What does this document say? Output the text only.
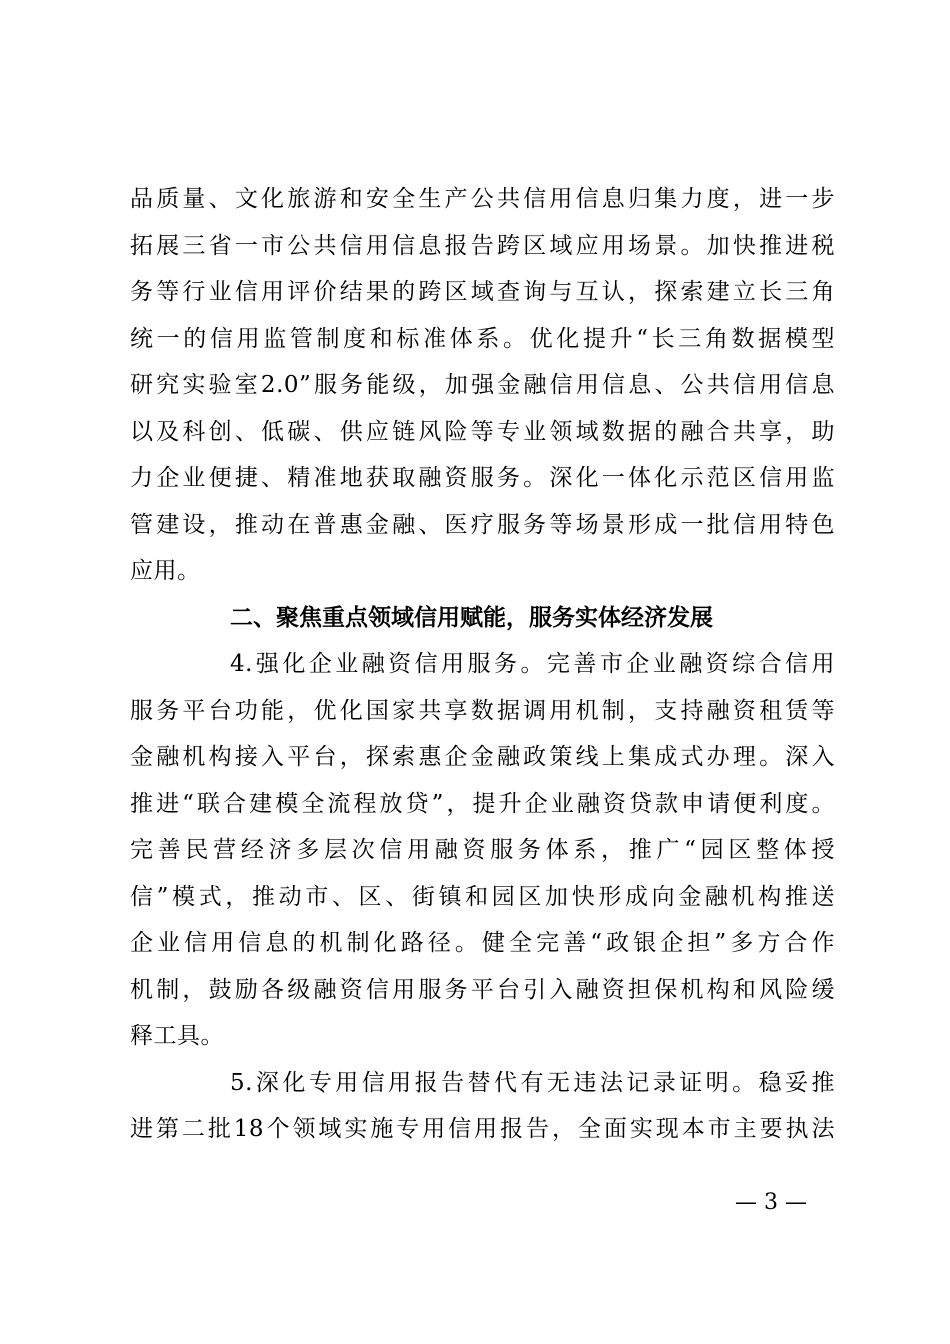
品质量、文化旅游和安全生产公共信用信息归集力度，进一步
拓展三省一市公共信用信息报告跨区域应用场景。加快推进税
务等行业信用评价结果的跨区域查询与互认，探索建立长三角
统一的信用监管制度和标准体系。优化提升“长三角数据模型
研究实验室2.0”服务能级，加强金融信用信息、公共信用信息
以及科创、低碳、供应链风险等专业领域数据的融合共享，助
力企业便捷、精准地获取融资服务。深化一体化示范区信用监
管建设，推动在普惠金融、医疗服务等场景形成一批信用特色
应用。
二、聚焦重点领域信用赋能，服务实体经济发展
4.强化企业融资信用服务。完善市企业融资综合信用
服务平台功能，优化国家共享数据调用机制，支持融资租赁等
金融机构接入平台，探索惠企金融政策线上集成式办理。深入
推进“联合建模全流程放贷”，提升企业融资贷款申请便利度。
完善民营经济多层次信用融资服务体系，推广“园区整体授
信”模式，推动市、区、街镇和园区加快形成向金融机构推送
企业信用信息的机制化路径。健全完善“政银企担”多方合作
机制，鼓励各级融资信用服务平台引入融资担保机构和风险缓
释工具。
5.深化专用信用报告替代有无违法记录证明。稳妥推
进第二批18个领域实施专用信用报告，全面实现本市主要执法
— 3 —
